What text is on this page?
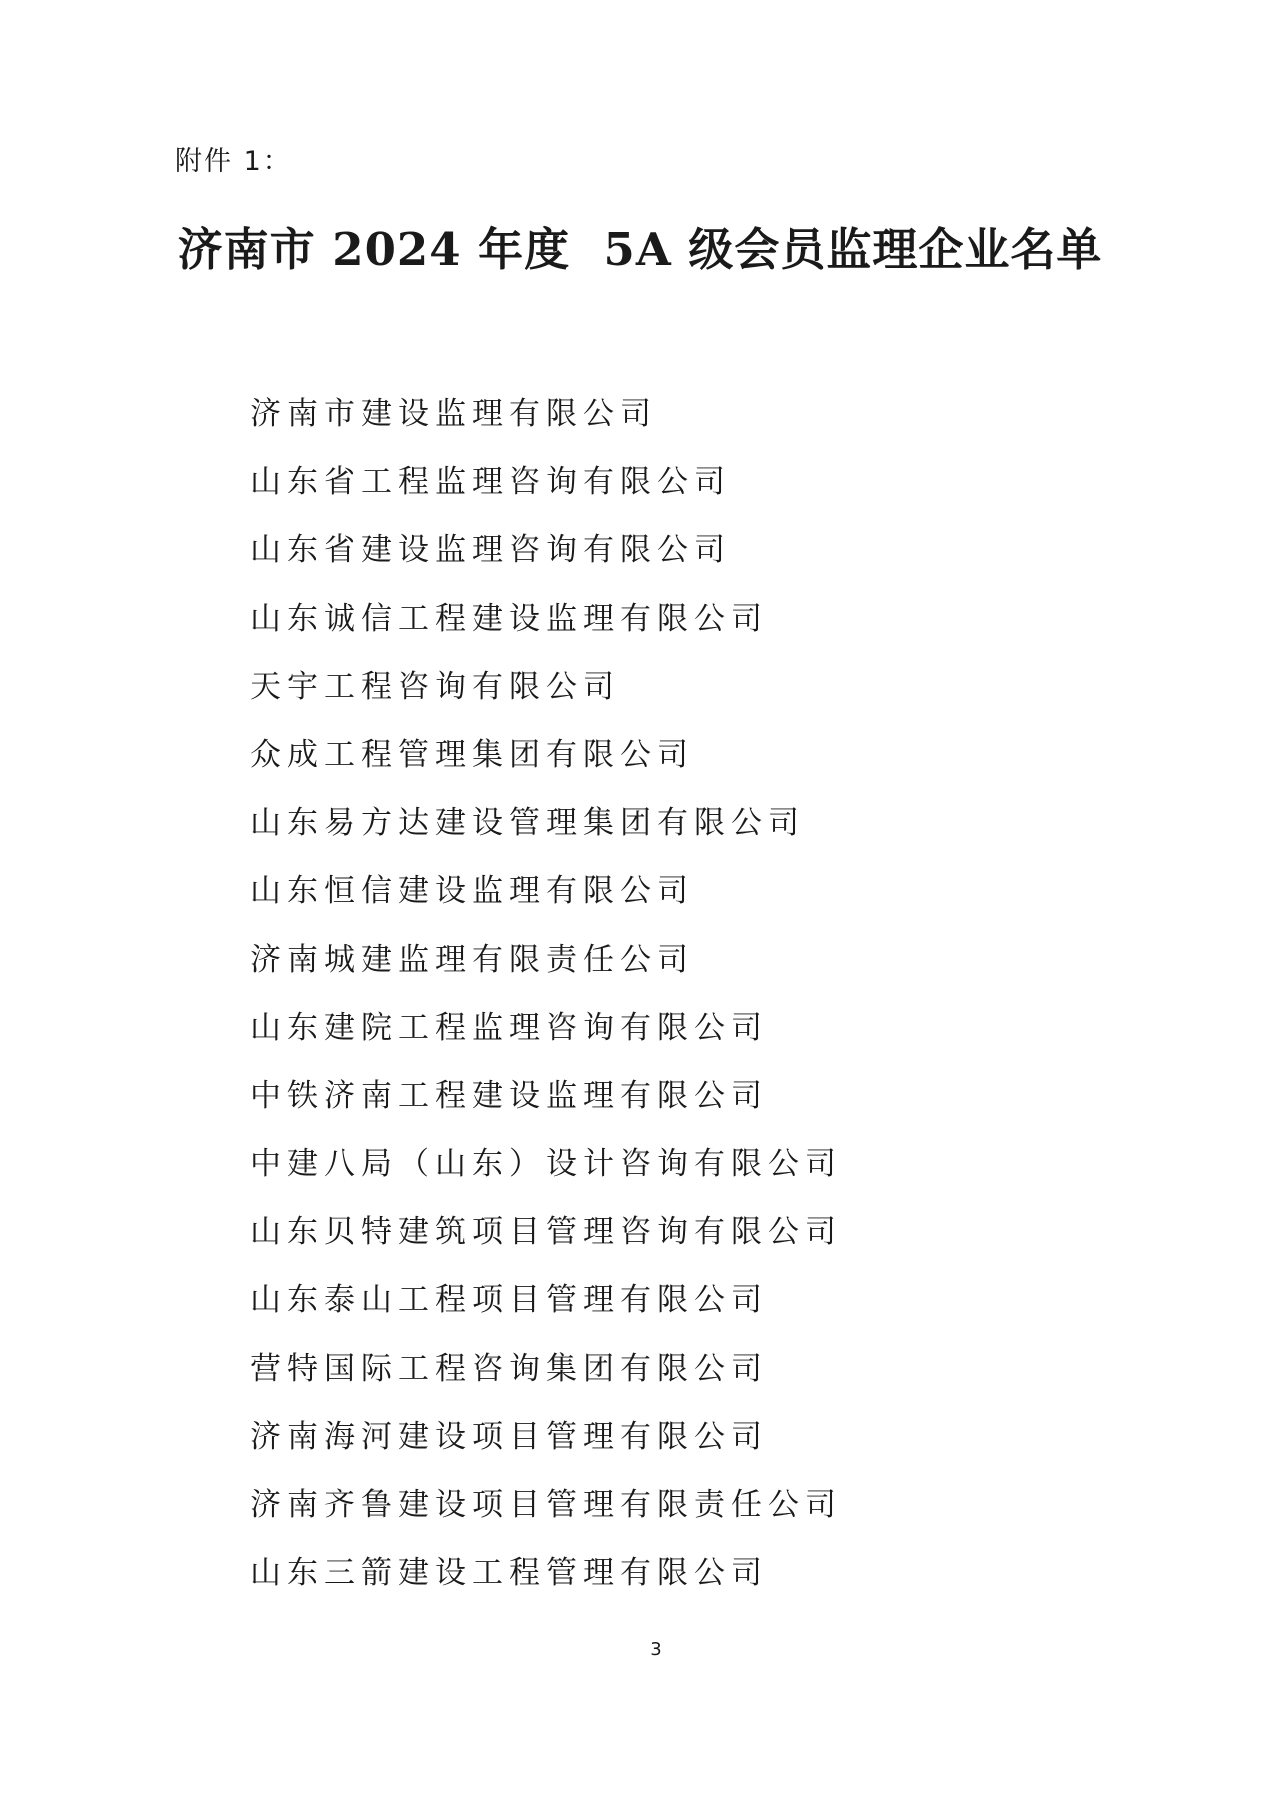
附件 1：
济南市 2024 年度  5A 级会员监理企业名单
济南市建设监理有限公司
山东省工程监理咨询有限公司
山东省建设监理咨询有限公司
山东诚信工程建设监理有限公司
天宇工程咨询有限公司
众成工程管理集团有限公司
山东易方达建设管理集团有限公司
山东恒信建设监理有限公司
济南城建监理有限责任公司
山东建院工程监理咨询有限公司
中铁济南工程建设监理有限公司
中建八局（山东）设计咨询有限公司
山东贝特建筑项目管理咨询有限公司
山东泰山工程项目管理有限公司
营特国际工程咨询集团有限公司
济南海河建设项目管理有限公司
济南齐鲁建设项目管理有限责任公司
山东三箭建设工程管理有限公司
3
